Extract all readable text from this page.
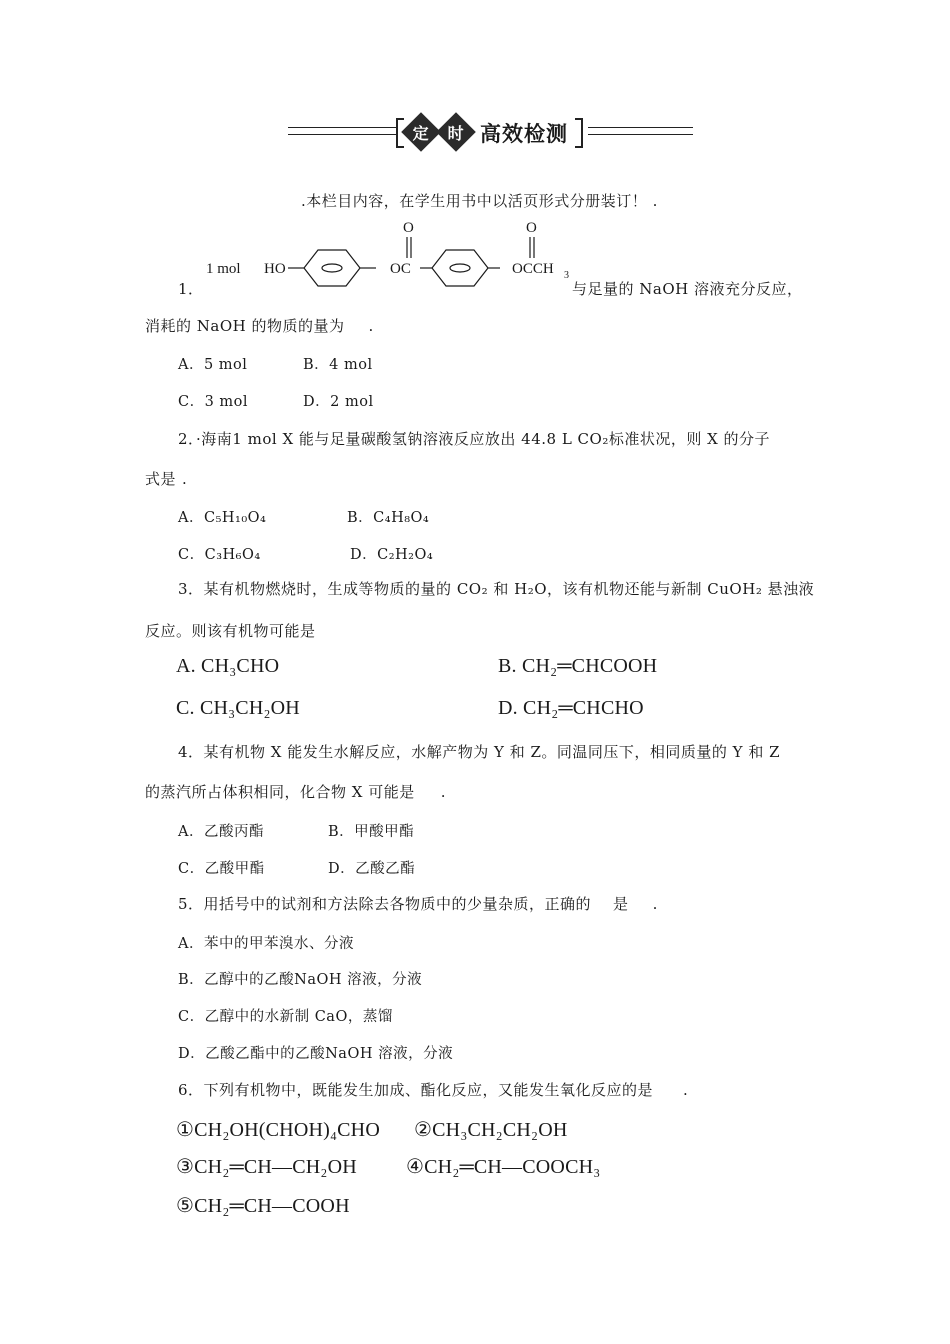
定 时 高效检测
.本栏目内容，在学生用书中以活页形式分册装订！ .
1．
1 mol HO	OC	OCCH 3
O	O
与足量的 NaOH 溶液充分反应，
消耗的 NaOH 的物质的量为 .
A．5 mol	B．4 mol
C．3 mol	D．2 mol
2．·海南1 mol X 能与足量碳酸氢钠溶液反应放出 44.8 L CO₂标准状况，则 X 的分子
式是 .
A．C₅H₁₀O₄	B．C₄H₈O₄
C．C₃H₆O₄	D．C₂H₂O₄
3．某有机物燃烧时，生成等物质的量的 CO₂ 和 H₂O，该有机物还能与新制 CuOH₂ 悬浊液
反应。则该有机物可能是
A. CH₃CHO	B. CH₂═CHCOOH
C. CH₃CH₂OH	D. CH₂═CHCHO
4．某有机物 X 能发生水解反应，水解产物为 Y 和 Z。同温同压下，相同质量的 Y 和 Z
的蒸汽所占体积相同，化合物 X 可能是 .
A．乙酸丙酯	B．甲酸甲酯
C．乙酸甲酯	D．乙酸乙酯
5．用括号中的试剂和方法除去各物质中的少量杂质，正确的 是 .
A．苯中的甲苯溴水、分液
B．乙醇中的乙酸NaOH 溶液，分液
C．乙醇中的水新制 CaO，蒸馏
D．乙酸乙酯中的乙酸NaOH 溶液，分液
6．下列有机物中，既能发生加成、酯化反应，又能发生氧化反应的是 .
①CH₂OH(CHOH)₄CHO ②CH₃CH₂CH₂OH
③CH₂═CH—CH₂OH ④CH₂═CH—COOCH₃
⑤CH₂═CH—COOH
